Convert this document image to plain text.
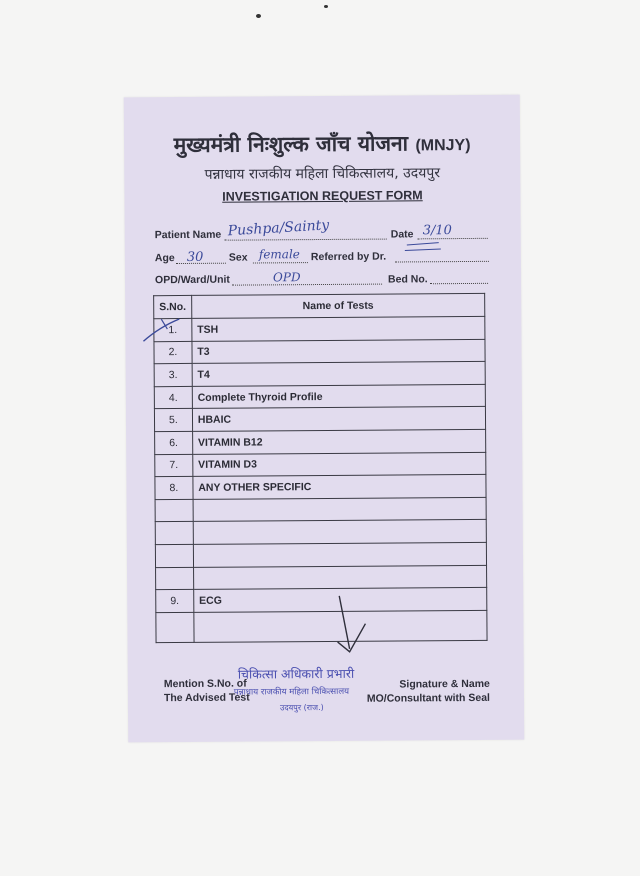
मुख्यमंत्री निःशुल्क जाँच योजना (MNJY)
पन्नाधाय राजकीय महिला चिकित्सालय, उदयपुर
INVESTIGATION REQUEST FORM
Patient Name Pushpa/Sainty	Date 3/10
Age 30 Sex female Referred by Dr.
OPD/Ward/Unit	OPD	Bed No.
S.No.	Name of Tests
1.	TSH
2.	T3
3.	T4
4.	Complete Thyroid Profile
5.	HBAIC
6.	VITAMIN B12
7.	VITAMIN D3
8.	ANY OTHER SPECIFIC

9.	ECG

Mention S.No. of
The Advised Test
Signature & Name
MO/Consultant with Seal
चिकित्सा अधिकारी प्रभारी
पन्नाधाय राजकीय महिला चिकित्सालय
उदयपुर (राज.)
